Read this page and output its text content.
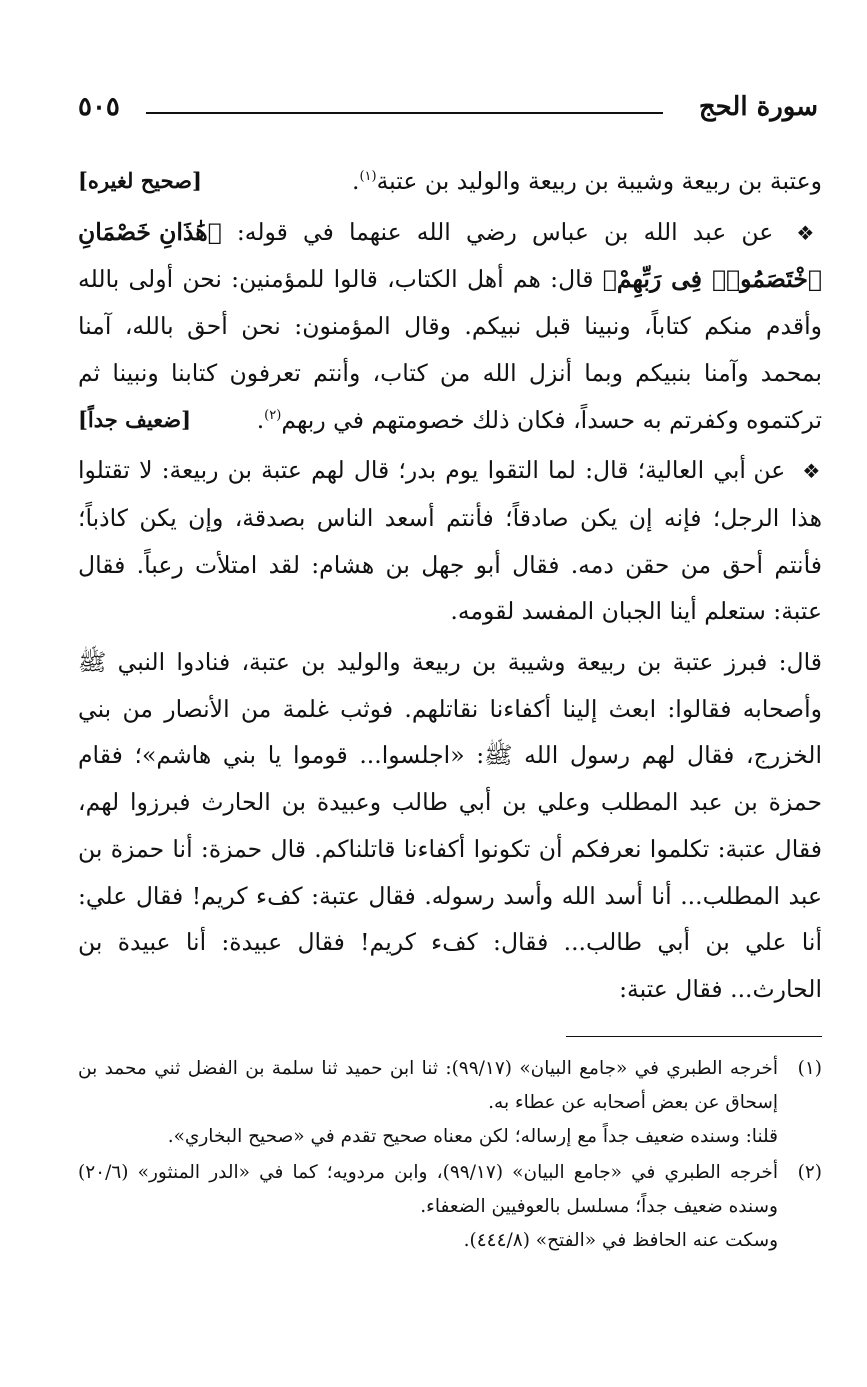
٥٠٥	سورة الحج

[صحيح لغيره]	وعتبة بن ربيعة وشيبة بن ربيعة والوليد بن عتبة$^{(١)}$.

❖ عن عبد الله بن عباس رضي الله عنهما في قوله: ﴿هَٰذَانِ خَصْمَانِ ٱخْتَصَمُوا۟ فِى رَبِّهِمْ﴾ قال: هم أهل الكتاب، قالوا للمؤمنين: نحن أولى بالله وأقدم منكم كتاباً، ونبينا قبل نبيكم. وقال المؤمنون: نحن أحق بالله، آمنا بمحمد وآمنا بنبيكم وبما أنزل الله من كتاب، وأنتم تعرفون كتابنا ونبينا ثم تركتموه وكفرتم به حسداً، فكان ذلك خصومتهم في ربهم$^{(٢)}$.
[ضعيف جداً]

❖ عن أبي العالية؛ قال: لما التقوا يوم بدر؛ قال لهم عتبة بن ربيعة: لا تقتلوا هذا الرجل؛ فإنه إن يكن صادقاً؛ فأنتم أسعد الناس بصدقة، وإن يكن كاذباً؛ فأنتم أحق من حقن دمه. فقال أبو جهل بن هشام: لقد امتلأت رعباً. فقال عتبة: ستعلم أينا الجبان المفسد لقومه.

قال: فبرز عتبة بن ربيعة وشيبة بن ربيعة والوليد بن عتبة، فنادوا النبي ﷺ وأصحابه فقالوا: ابعث إلينا أكفاءنا نقاتلهم. فوثب غلمة من الأنصار من بني الخزرج، فقال لهم رسول الله ﷺ: «اجلسوا... قوموا يا بني هاشم»؛ فقام حمزة بن عبد المطلب وعلي بن أبي طالب وعبيدة بن الحارث فبرزوا لهم، فقال عتبة: تكلموا نعرفكم أن تكونوا أكفاءنا قاتلناكم. قال حمزة: أنا حمزة بن عبد المطلب... أنا أسد الله وأسد رسوله. فقال عتبة: كفء كريم! فقال علي: أنا علي بن أبي طالب... فقال: كفء كريم! فقال عبيدة: أنا عبيدة بن الحارث... فقال عتبة:

(١)
أخرجه الطبري في «جامع البيان» (٩٩/١٧): ثنا ابن حميد ثنا سلمة بن الفضل ثني محمد بن إسحاق عن بعض أصحابه عن عطاء به.
قلنا: وسنده ضعيف جداً مع إرساله؛ لكن معناه صحيح تقدم في «صحيح البخاري».
(٢)
أخرجه الطبري في «جامع البيان» (٩٩/١٧)، وابن مردويه؛ كما في «الدر المنثور» (٢٠/٦) وسنده ضعيف جداً؛ مسلسل بالعوفيين الضعفاء.
وسكت عنه الحافظ في «الفتح» (٤٤٤/٨).
